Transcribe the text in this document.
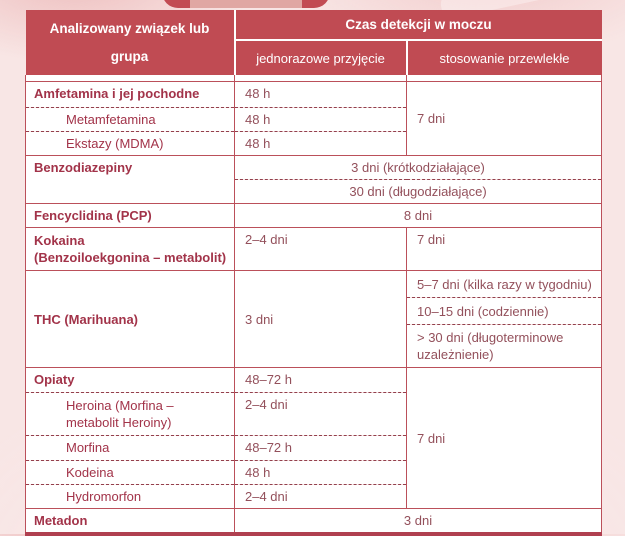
Analizowany związek lub grupa	Czas detekcji w moczu	
	jednorazowe przyjęcie	stosowanie przewlekłe

Amfetamina i jej pochodne	48 h	7 dni
Metamfetamina	48 h	
Ekstazy (MDMA)	48 h	
Benzodiazepiny	3 dni (krótkodziałające)	
	30 dni (długodziałające)	
Fencyclidina (PCP)	8 dni	

Kokaina
(Benzoiloekgonina – metabolit)	2–4 dni	7 dni
THC (Marihuana)	3 dni	5–7 dni (kilka razy w tygodniu)
		10–15 dni (codziennie)
		> 30 dni (długoterminowe uzależnienie)
Opiaty	48–72 h	7 dni
Heroina (Morfina – metabolit Heroiny)	2–4 dni	
Morfina	48–72 h	
Kodeina	48 h	
Hydromorfon	2–4 dni	
Metadon	3 dni	
